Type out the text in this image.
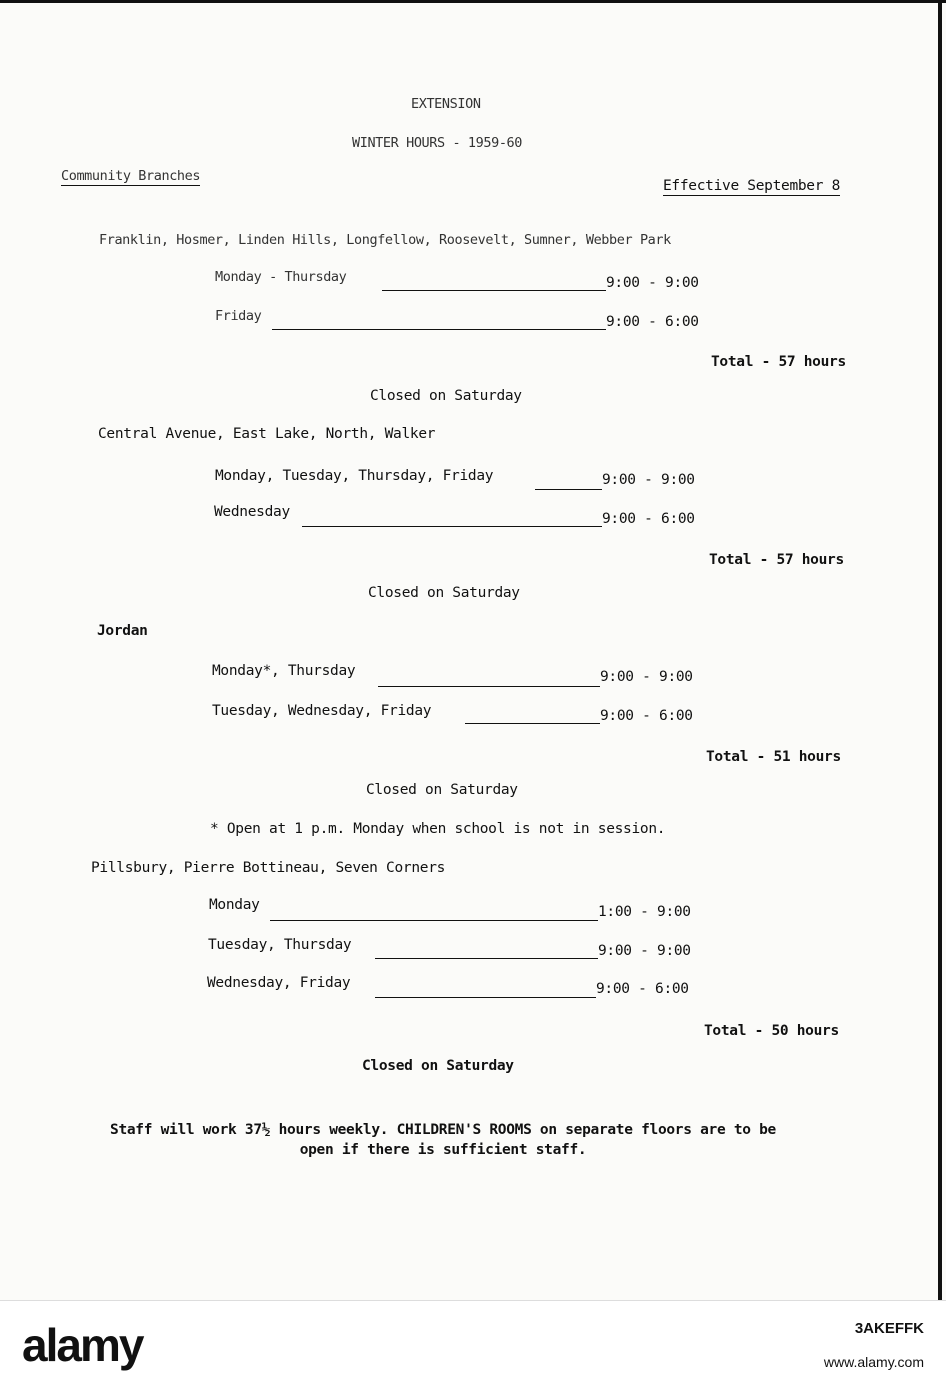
EXTENSION
WINTER HOURS - 1959-60
Community Branches
Effective September 8
Franklin, Hosmer, Linden Hills, Longfellow, Roosevelt, Sumner, Webber Park
Monday - Thursday	9:00 - 9:00
Friday	9:00 - 6:00
Total - 57 hours
Closed on Saturday
Central Avenue, East Lake, North, Walker
Monday, Tuesday, Thursday, Friday	9:00 - 9:00
Wednesday	9:00 - 6:00
Total - 57 hours
Closed on Saturday
Jordan
Monday*, Thursday	9:00 - 9:00
Tuesday, Wednesday, Friday	9:00 - 6:00
Total - 51 hours
Closed on Saturday
* Open at 1 p.m. Monday when school is not in session.
Pillsbury, Pierre Bottineau, Seven Corners
Monday	1:00 - 9:00
Tuesday, Thursday	9:00 - 9:00
Wednesday, Friday	9:00 - 6:00
Total - 50 hours
Closed on Saturday
Staff will work 37½ hours weekly. CHILDREN'S ROOMS on separate floors are to be
open if there is sufficient staff.
alamy	3AKEFFK
www.alamy.com
